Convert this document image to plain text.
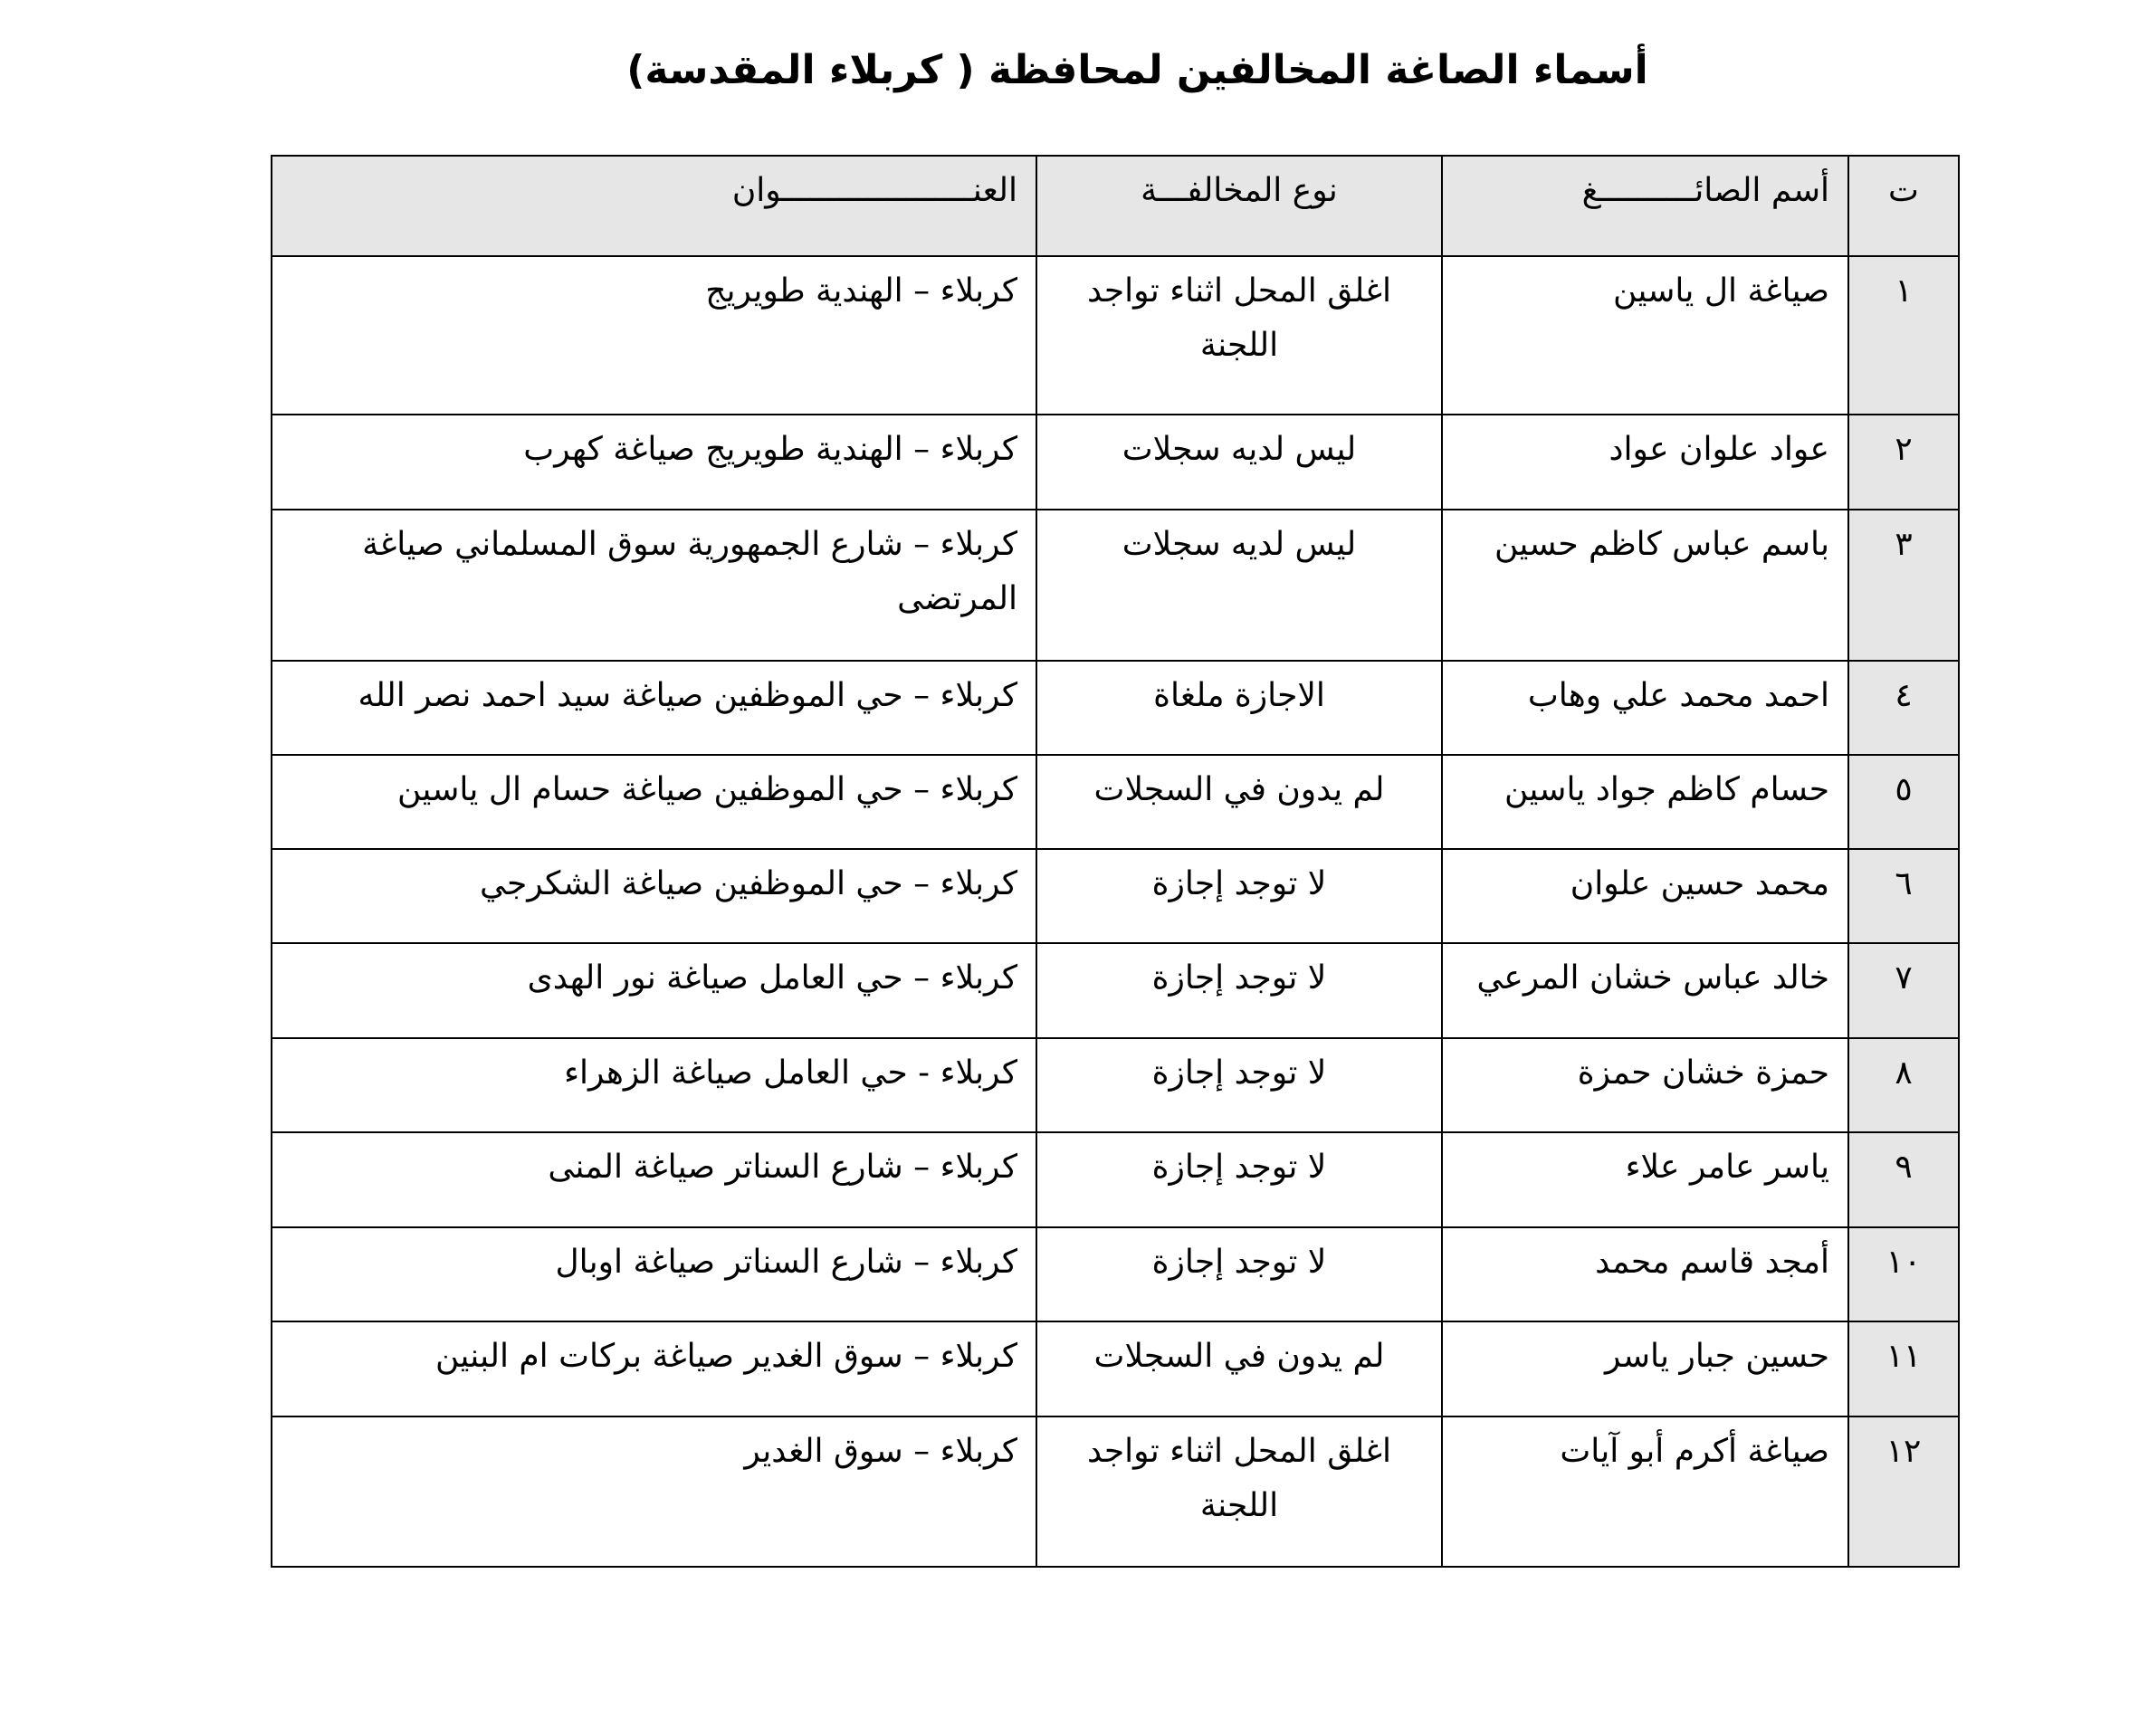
أسماء الصاغة المخالفين لمحافظة ( كربلاء المقدسة)
ت	أسم الصائــــــــــغ	نوع المخالفـــة	العنــــــــــــــــــــوان
١	صياغة ال ياسين	اغلق المحل اثناء تواجد اللجنة	كربلاء – الهندية طويريج
٢	عواد علوان عواد	ليس لديه سجلات	كربلاء – الهندية طويريج صياغة كهرب
٣	باسم عباس كاظم حسين	ليس لديه سجلات	كربلاء – شارع الجمهورية سوق المسلماني صياغة المرتضى
٤	احمد محمد علي وهاب	الاجازة ملغاة	كربلاء – حي الموظفين صياغة سيد احمد نصر الله
٥	حسام كاظم جواد ياسين	لم يدون في السجلات	كربلاء – حي الموظفين صياغة حسام ال ياسين
٦	محمد حسين علوان	لا توجد إجازة	كربلاء – حي الموظفين صياغة الشكرجي
٧	خالد عباس خشان المرعي	لا توجد إجازة	كربلاء – حي العامل صياغة نور الهدى
٨	حمزة خشان حمزة	لا توجد إجازة	كربلاء - حي العامل صياغة الزهراء
٩	ياسر عامر علاء	لا توجد إجازة	كربلاء – شارع السناتر صياغة المنى
١٠	أمجد قاسم محمد	لا توجد إجازة	كربلاء – شارع السناتر صياغة اوبال
١١	حسين جبار ياسر	لم يدون في السجلات	كربلاء – سوق الغدير صياغة بركات ام البنين
١٢	صياغة أكرم أبو آيات	اغلق المحل اثناء تواجد اللجنة	كربلاء – سوق الغدير
